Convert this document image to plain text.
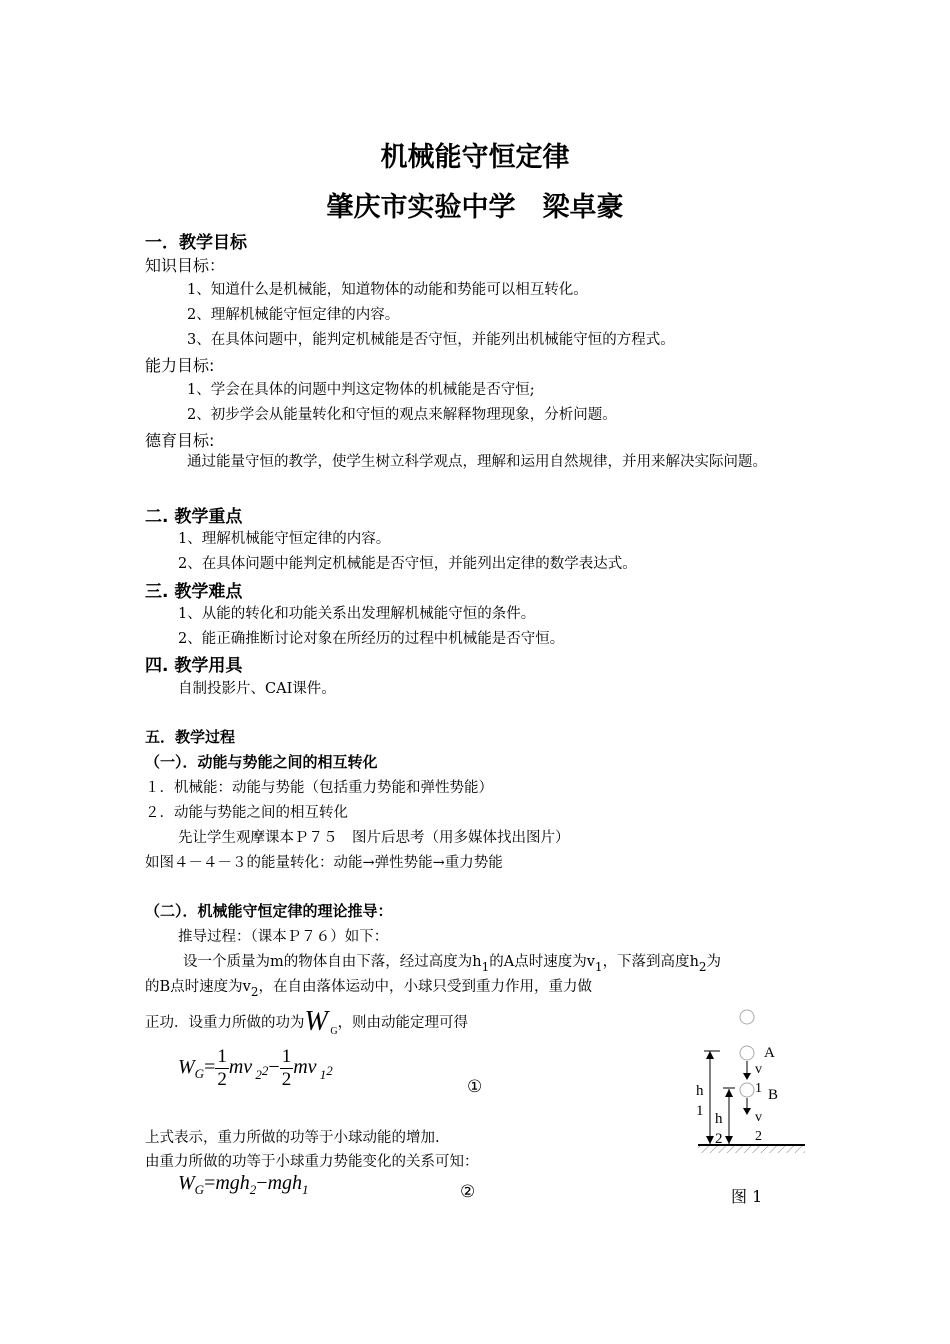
机械能守恒定律
肇庆市实验中学　梁卓豪
一．教学目标
知识目标：
1、知道什么是机械能，知道物体的动能和势能可以相互转化。
2、理解机械能守恒定律的内容。
3、在具体问题中，能判定机械能是否守恒，并能列出机械能守恒的方程式。
能力目标:
1、学会在具体的问题中判这定物体的机械能是否守恒;
2、初步学会从能量转化和守恒的观点来解释物理现象，分析问题。
德育目标:
通过能量守恒的教学，使学生树立科学观点，理解和运用自然规律，并用来解决实际问题。
二. 教学重点
1、理解机械能守恒定律的内容。
2、在具体问题中能判定机械能是否守恒，并能列出定律的数学表达式。
三. 教学难点
1、从能的转化和功能关系出发理解机械能守恒的条件。
2、能正确推断讨论对象在所经历的过程中机械能是否守恒。
四. 教学用具
自制投影片、CAI课件。
五．教学过程
（一）．动能与势能之间的相互转化
１．机械能：动能与势能（包括重力势能和弹性势能）
２．动能与势能之间的相互转化
先让学生观摩课本Ｐ７５　图片后思考（用多媒体找出图片）
如图４－４－３的能量转化：动能→弹性势能→重力势能
（二）．机械能守恒定律的理论推导：
推导过程：（课本Ｐ７６）如下：
设一个质量为m的物体自由下落，经过高度为$h_1$的A点时速度为$v_1$，下落到高度$h_2$为
的B点时速度为$v_2$，在自由落体运动中，小球只受到重力作用，重力做
正功．设重力所做的功为W G，则由动能定理可得
$W_G= \frac{1}{2}$ mv $_22- \frac{1}{2}$ mv $_1$2
①
上式表示，重力所做的功等于小球动能的增加.
由重力所做的功等于小球重力势能变化的关系可知：
$W_G=mgh_2-mgh_1$	②
A
B
v
1
v
2
h
1 h
2
图 1
